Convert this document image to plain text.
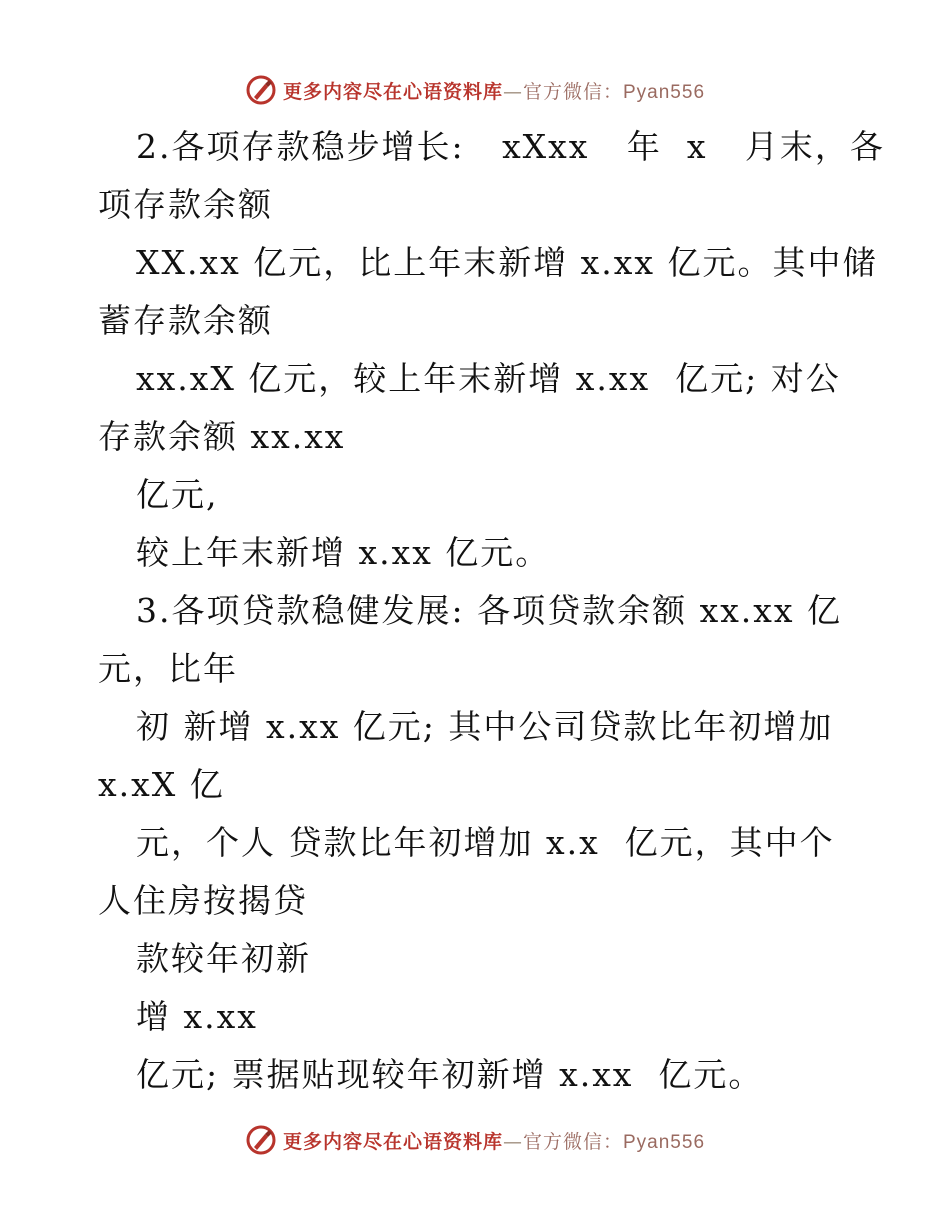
更多内容尽在心语资料库—官方微信：Pyan556
2.各项存款稳步增长:   xXxx   年  x   月末，各
项存款余额
XX.xx 亿元，比上年末新增 x.xx 亿元。其中储
蓄存款余额
xx.xX 亿元，较上年末新增 x.xx  亿元; 对公
存款余额 xx.xx
亿元,
较上年末新增 x.xx 亿元。
3.各项贷款稳健发展: 各项贷款余额 xx.xx 亿
元，比年
初 新增 x.xx 亿元; 其中公司贷款比年初增加
x.xX 亿
元，个人 贷款比年初增加 x.x  亿元，其中个
人住房按揭贷
款较年初新
增 x.xx
亿元; 票据贴现较年初新增 x.xx  亿元。
更多内容尽在心语资料库—官方微信：Pyan556
